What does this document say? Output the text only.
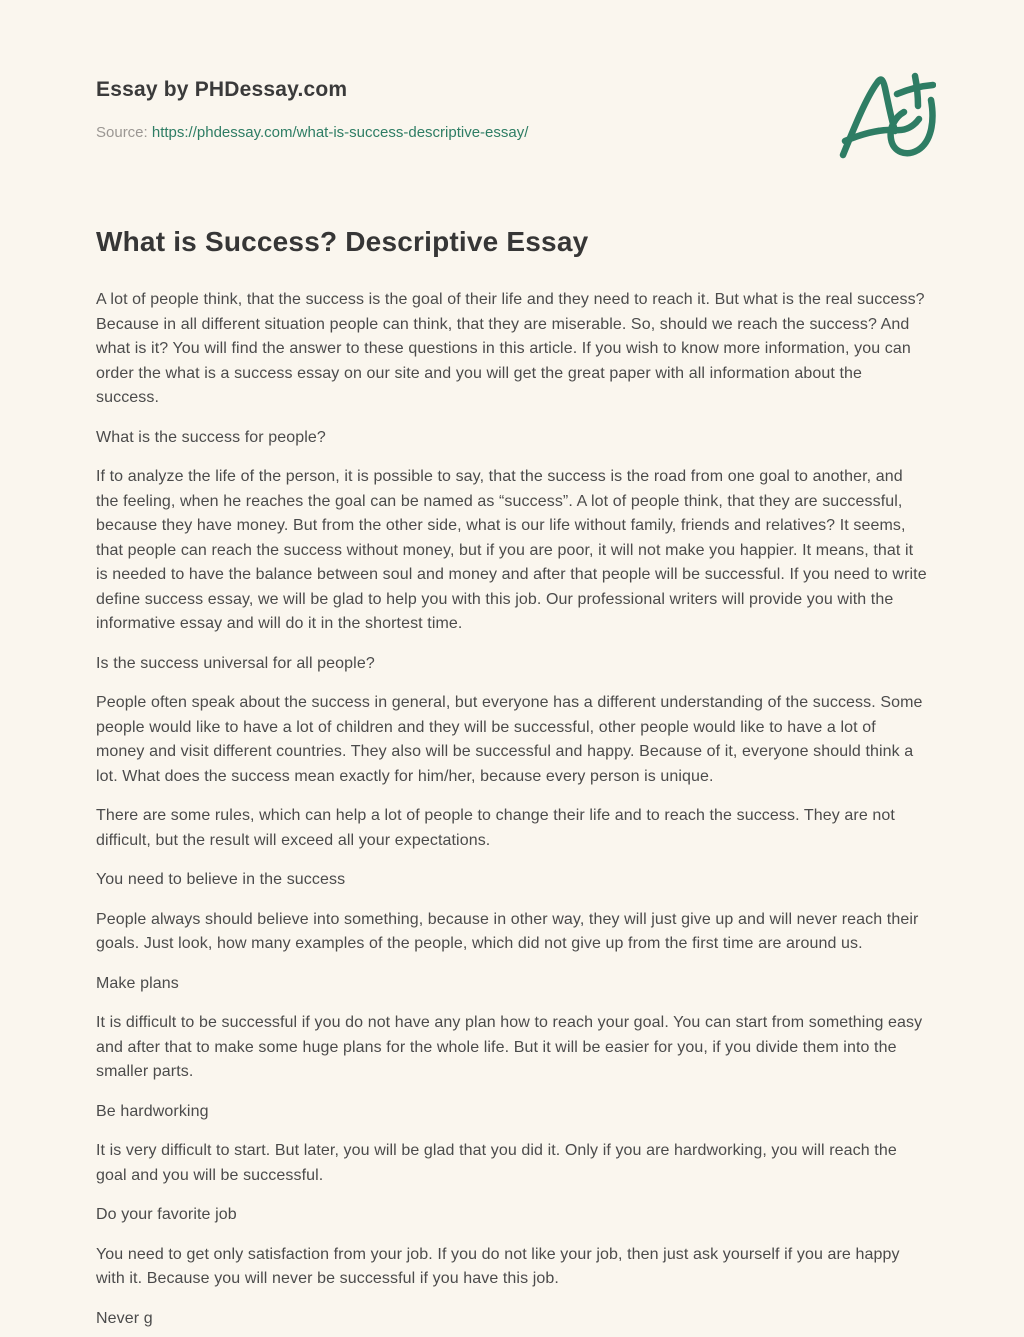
Essay by PHDessay.com
Source: https://phdessay.com/what-is-success-descriptive-essay/
What is Success? Descriptive Essay

A lot of people think, that the success is the goal of their life and they need to reach it. But what is the real success? Because in all different situation people can think, that they are miserable. So, should we reach the success? And what is it? You will find the answer to these questions in this article. If you wish to know more information, you can order the what is a success essay on our site and you will get the great paper with all information about the success.

What is the success for people?

If to analyze the life of the person, it is possible to say, that the success is the road from one goal to another, and the feeling, when he reaches the goal can be named as “success”. A lot of people think, that they are successful, because they have money. But from the other side, what is our life without family, friends and relatives? It seems, that people can reach the success without money, but if you are poor, it will not make you happier. It means, that it is needed to have the balance between soul and money and after that people will be successful. If you need to write define success essay, we will be glad to help you with this job. Our professional writers will provide you with the informative essay and will do it in the shortest time.

Is the success universal for all people?

People often speak about the success in general, but everyone has a different understanding of the success. Some people would like to have a lot of children and they will be successful, other people would like to have a lot of money and visit different countries. They also will be successful and happy. Because of it, everyone should think a lot. What does the success mean exactly for him/her, because every person is unique.

There are some rules, which can help a lot of people to change their life and to reach the success. They are not difficult, but the result will exceed all your expectations.

You need to believe in the success

People always should believe into something, because in other way, they will just give up and will never reach their goals. Just look, how many examples of the people, which did not give up from the first time are around us.

Make plans

It is difficult to be successful if you do not have any plan how to reach your goal. You can start from something easy and after that to make some huge plans for the whole life. But it will be easier for you, if you divide them into the smaller parts.

Be hardworking

It is very difficult to start. But later, you will be glad that you did it. Only if you are hardworking, you will reach the goal and you will be successful.

Do your favorite job

You need to get only satisfaction from your job. If you do not like your job, then just ask yourself if you are happy with it. Because you will never be successful if you have this job.

Never g
